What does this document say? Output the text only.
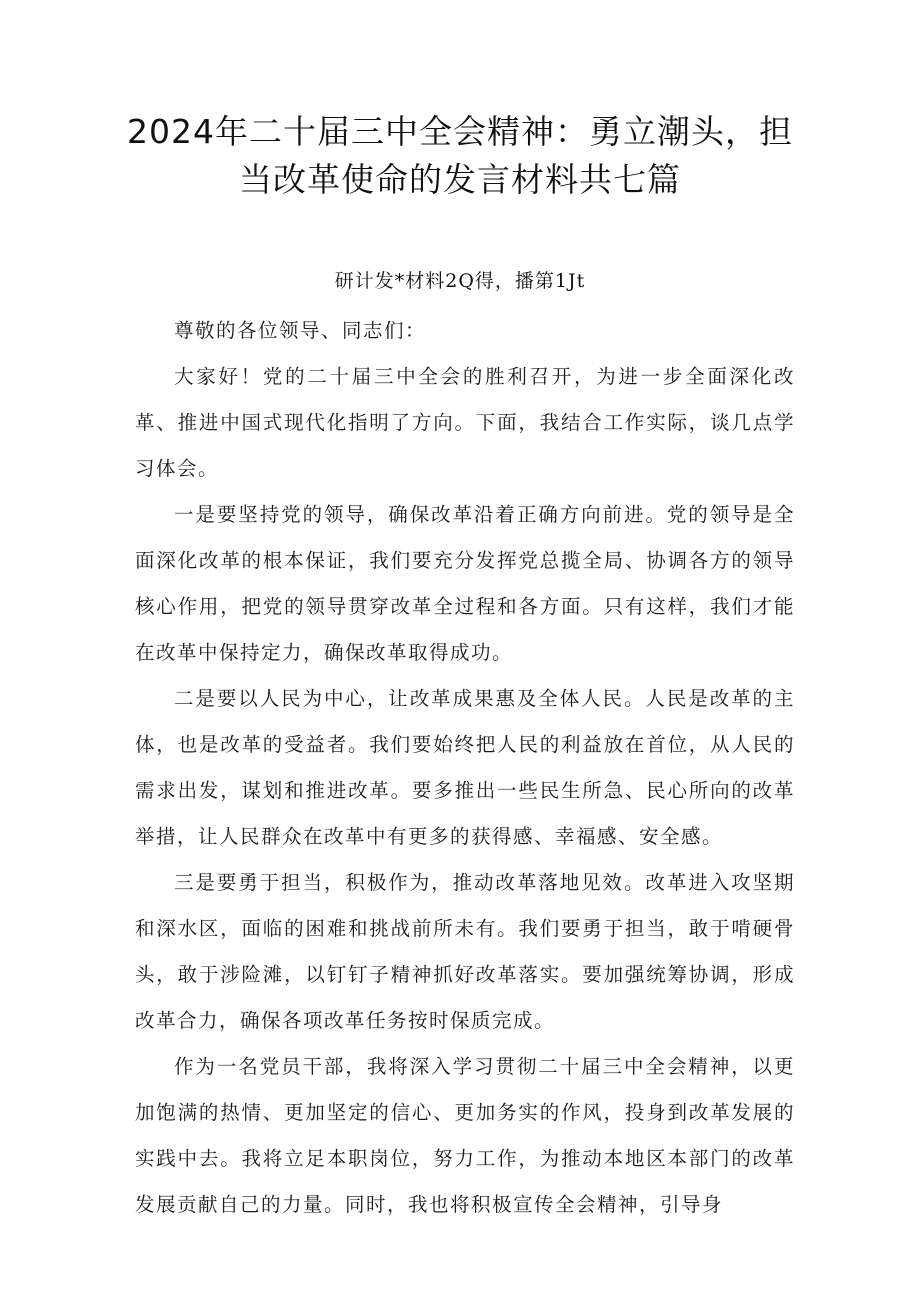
2024年二十届三中全会精神：勇立潮头，担
当改革使命的发言材料共七篇
研计发*材料2Q得，播第1Jt

尊敬的各位领导、同志们：

大家好！党的二十届三中全会的胜利召开，为进一步全面深化改革、推进中国式现代化指明了方向。下面，我结合工作实际，谈几点学习体会。

一是要坚持党的领导，确保改革沿着正确方向前进。党的领导是全面深化改革的根本保证，我们要充分发挥党总揽全局、协调各方的领导核心作用，把党的领导贯穿改革全过程和各方面。只有这样，我们才能在改革中保持定力，确保改革取得成功。

二是要以人民为中心，让改革成果惠及全体人民。人民是改革的主体，也是改革的受益者。我们要始终把人民的利益放在首位，从人民的需求出发，谋划和推进改革。要多推出一些民生所急、民心所向的改革举措，让人民群众在改革中有更多的获得感、幸福感、安全感。

三是要勇于担当，积极作为，推动改革落地见效。改革进入攻坚期和深水区，面临的困难和挑战前所未有。我们要勇于担当，敢于啃硬骨头，敢于涉险滩，以钉钉子精神抓好改革落实。要加强统筹协调，形成改革合力，确保各项改革任务按时保质完成。

作为一名党员干部，我将深入学习贯彻二十届三中全会精神，以更加饱满的热情、更加坚定的信心、更加务实的作风，投身到改革发展的实践中去。我将立足本职岗位，努力工作，为推动本地区本部门的改革发展贡献自己的力量。同时，我也将积极宣传全会精神，引导身
